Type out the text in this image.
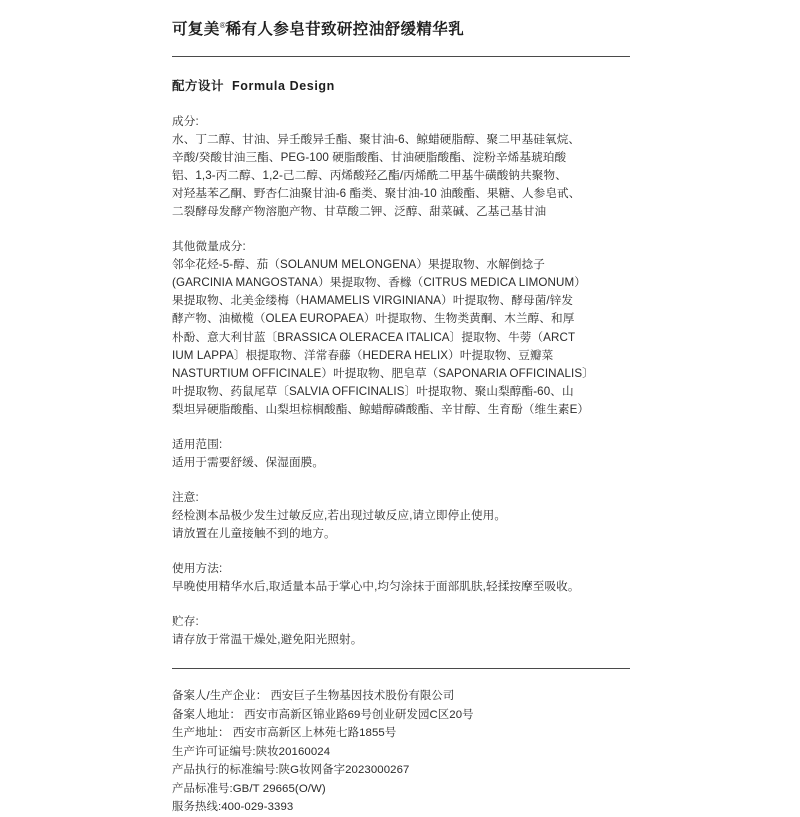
可复美®稀有人参皂苷致研控油舒缓精华乳
配方设计 Formula Design

成分:

水、丁二醇、甘油、异壬酸异壬酯、聚甘油-6、鲸蜡硬脂醇、聚二甲基硅氧烷、
辛酸/癸酸甘油三酯、PEG-100 硬脂酸酯、甘油硬脂酸酯、淀粉辛烯基琥珀酸
铝、1,3-丙二醇、1,2-己二醇、丙烯酸羟乙酯/丙烯酰二甲基牛磺酸钠共聚物、
对羟基苯乙酮、野杏仁油聚甘油-6 酯类、聚甘油-10 油酸酯、果糖、人参皂甙、
二裂酵母发酵产物溶胞产物、甘草酸二钾、泛醇、甜菜碱、乙基己基甘油

其他微量成分:

邻伞花烃-5-醇、茄（SOLANUM MELONGENA）果提取物、水解倒捻子
(GARCINIA MANGOSTANA）果提取物、香橼（CITRUS MEDICA LIMONUM）
果提取物、北美金缕梅（HAMAMELIS VIRGINIANA）叶提取物、酵母菌/锌发
酵产物、油橄榄（OLEA EUROPAEA）叶提取物、生物类黄酮、木兰醇、和厚
朴酚、意大利甘蓝〔BRASSICA OLERACEA ITALICA〕提取物、牛蒡（ARCT
IUM LAPPA〕根提取物、洋常春藤（HEDERA HELIX）叶提取物、豆瓣菜
NASTURTIUM OFFICINALE）叶提取物、肥皂草（SAPONARIA OFFICINALIS〕
叶提取物、药鼠尾草〔SALVIA OFFICINALIS〕叶提取物、聚山梨醇酯-60、山
梨坦异硬脂酸酯、山梨坦棕榈酸酯、鲸蜡醇磷酸酯、辛甘醇、生育酚（维生素E）

适用范围:

适用于需要舒缓、保湿面膜。

注意:

经检测本品极少发生过敏反应,若出现过敏反应,请立即停止使用。
请放置在儿童接触不到的地方。

使用方法:

早晚使用精华水后,取适量本品于掌心中,均匀涂抹于面部肌肤,轻揉按摩至吸收。

贮存:

请存放于常温干燥处,避免阳光照射。

备案人/生产企业： 西安巨子生物基因技术股份有限公司

备案人地址： 西安市高新区锦业路69号创业研发园C区20号

生产地址： 西安市高新区上林苑七路1855号

生产许可证编号:陕妆20160024

产品执行的标准编号:陕G妆网备字2023000267

产品标准号:GB/T 29665(O/W)

服务热线:400-029-3393
